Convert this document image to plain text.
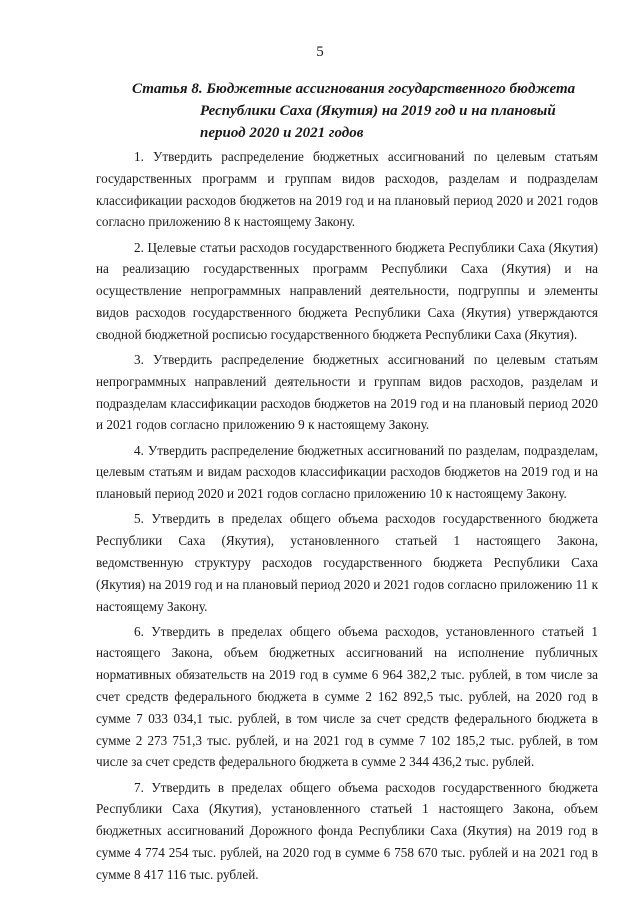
5
Статья 8. Бюджетные ассигнования государственного бюджета
Республики Саха (Якутия) на 2019 год и на плановый
период 2020 и 2021 годов

1. Утвердить распределение бюджетных ассигнований по целевым статьям государственных программ и группам видов расходов, разделам и подразделам классификации расходов бюджетов на 2019 год и на плановый период 2020 и 2021 годов согласно приложению 8 к настоящему Закону.

2. Целевые статьи расходов государственного бюджета Республики Саха (Якутия) на реализацию государственных программ Республики Саха (Якутия) и на осуществление непрограммных направлений деятельности, подгруппы и элементы видов расходов государственного бюджета Республики Саха (Якутия) утверждаются сводной бюджетной росписью государственного бюджета Республики Саха (Якутия).

3. Утвердить распределение бюджетных ассигнований по целевым статьям непрограммных направлений деятельности и группам видов расходов, разделам и подразделам классификации расходов бюджетов на 2019 год и на плановый период 2020 и 2021 годов согласно приложению 9 к настоящему Закону.

4. Утвердить распределение бюджетных ассигнований по разделам, подразделам, целевым статьям и видам расходов классификации расходов бюджетов на 2019 год и на плановый период 2020 и 2021 годов согласно приложению 10 к настоящему Закону.

5. Утвердить в пределах общего объема расходов государственного бюджета Республики Саха (Якутия), установленного статьей 1 настоящего Закона, ведомственную структуру расходов государственного бюджета Республики Саха (Якутия) на 2019 год и на плановый период 2020 и 2021 годов согласно приложению 11 к настоящему Закону.

6. Утвердить в пределах общего объема расходов, установленного статьей 1 настоящего Закона, объем бюджетных ассигнований на исполнение публичных нормативных обязательств на 2019 год в сумме 6 964 382,2 тыс. рублей, в том числе за счет средств федерального бюджета в сумме 2 162 892,5 тыс. рублей, на 2020 год в сумме 7 033 034,1 тыс. рублей, в том числе за счет средств федерального бюджета в сумме 2 273 751,3 тыс. рублей, и на 2021 год в сумме 7 102 185,2 тыс. рублей, в том числе за счет средств федерального бюджета в сумме 2 344 436,2 тыс. рублей.

7. Утвердить в пределах общего объема расходов государственного бюджета Республики Саха (Якутия), установленного статьей 1 настоящего Закона, объем бюджетных ассигнований Дорожного фонда Республики Саха (Якутия) на 2019 год в сумме 4 774 254 тыс. рублей, на 2020 год в сумме 6 758 670 тыс. рублей и на 2021 год в сумме 8 417 116 тыс. рублей.
